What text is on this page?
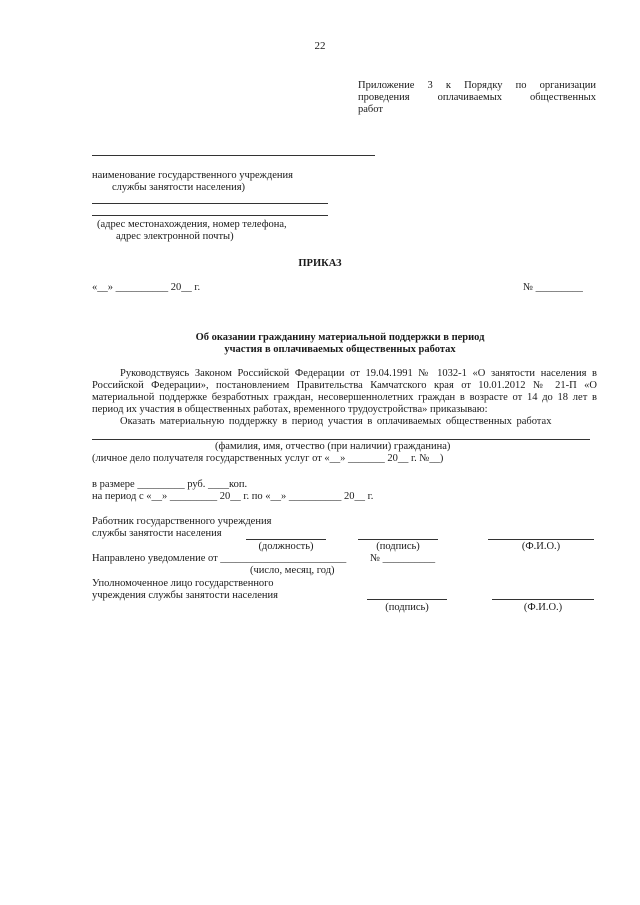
22
Приложение 3 к Порядку по организации
проведения оплачиваемых общественных
работ
наименование государственного учреждения
службы занятости населения)
(адрес местонахождения, номер телефона,
адрес электронной почты)
ПРИКАЗ
«__» __________ 20__ г.	№ _________
Об оказании гражданину материальной поддержки в период
участия в оплачиваемых общественных работах
Руководствуясь Законом Российской Федерации от 19.04.1991 № 1032-1 «О занятости населения в
Российской Федерации», постановлением Правительства Камчатского края от 10.01.2012 № 21-П «О
материальной поддержке безработных граждан, несовершеннолетних граждан в возрасте от 14 до 18 лет в
период их участия в общественных работах, временного трудоустройства» приказываю:
Оказать материальную поддержку в период участия в оплачиваемых общественных работах
(фамилия, имя, отчество (при наличии) гражданина)
(личное дело получателя государственных услуг от «__» _______ 20__ г. №__)
в размере _________ руб. ____коп.
на период с «__» _________ 20__ г. по «__» __________ 20__ г.
Работник государственного учреждения
службы занятости населения
(должность)	(подпись)	(Ф.И.О.)
Направлено уведомление от ________________________ № __________
(число, месяц, год)
Уполномоченное лицо государственного
учреждения службы занятости населения
(подпись)	(Ф.И.О.)
